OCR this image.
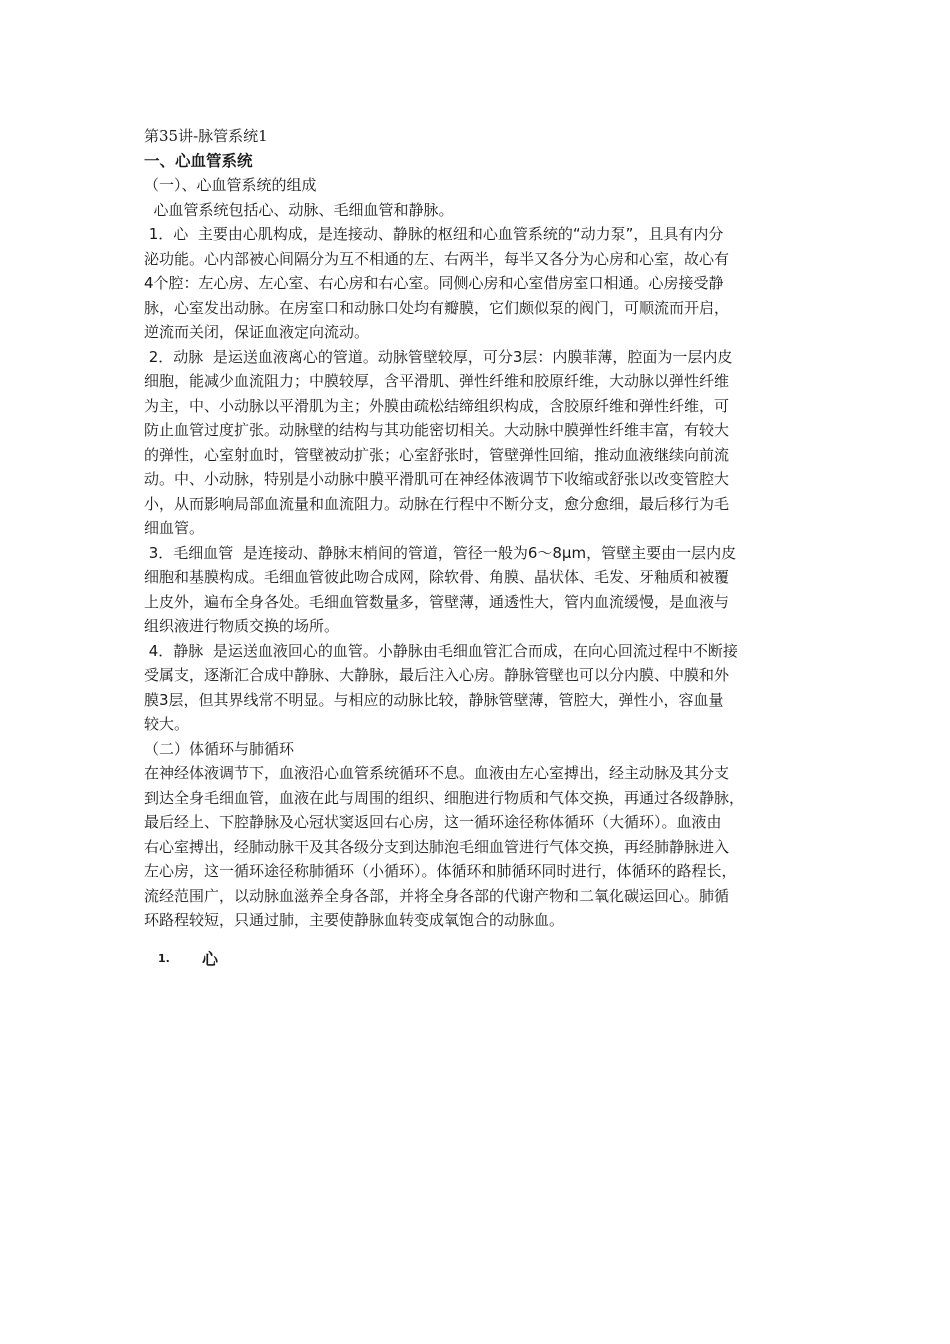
第35讲-脉管系统1
一、心血管系统
（一）、心血管系统的组成
心血管系统包括心、动脉、毛细血管和静脉。
1．心  主要由心肌构成，是连接动、静脉的枢纽和心血管系统的“动力泵”，且具有内分
泌功能。心内部被心间隔分为互不相通的左、右两半，每半又各分为心房和心室，故心有
4个腔：左心房、左心室、右心房和右心室。同侧心房和心室借房室口相通。心房接受静
脉，心室发出动脉。在房室口和动脉口处均有瓣膜，它们颇似泵的阀门，可顺流而开启，
逆流而关闭，保证血液定向流动。
2．动脉  是运送血液离心的管道。动脉管壁较厚，可分3层：内膜菲薄，腔面为一层内皮
细胞，能减少血流阻力；中膜较厚，含平滑肌、弹性纤维和胶原纤维，大动脉以弹性纤维
为主，中、小动脉以平滑肌为主；外膜由疏松结缔组织构成，含胶原纤维和弹性纤维，可
防止血管过度扩张。动脉壁的结构与其功能密切相关。大动脉中膜弹性纤维丰富，有较大
的弹性，心室射血时，管壁被动扩张；心室舒张时，管壁弹性回缩，推动血液继续向前流
动。中、小动脉，特别是小动脉中膜平滑肌可在神经体液调节下收缩或舒张以改变管腔大
小，从而影响局部血流量和血流阻力。动脉在行程中不断分支，愈分愈细，最后移行为毛
细血管。
3．毛细血管  是连接动、静脉末梢间的管道，管径一般为6～8μm，管壁主要由一层内皮
细胞和基膜构成。毛细血管彼此吻合成网，除软骨、角膜、晶状体、毛发、牙釉质和被覆
上皮外，遍布全身各处。毛细血管数量多，管壁薄，通透性大，管内血流缓慢，是血液与
组织液进行物质交换的场所。
4．静脉  是运送血液回心的血管。小静脉由毛细血管汇合而成，在向心回流过程中不断接
受属支，逐渐汇合成中静脉、大静脉，最后注入心房。静脉管壁也可以分内膜、中膜和外
膜3层，但其界线常不明显。与相应的动脉比较，静脉管壁薄，管腔大，弹性小，容血量
较大。
（二）体循环与肺循环
在神经体液调节下，血液沿心血管系统循环不息。血液由左心室搏出，经主动脉及其分支
到达全身毛细血管，血液在此与周围的组织、细胞进行物质和气体交换，再通过各级静脉，
最后经上、下腔静脉及心冠状窦返回右心房，这一循环途径称体循环（大循环）。血液由
右心室搏出，经肺动脉干及其各级分支到达肺泡毛细血管进行气体交换，再经肺静脉进入
左心房，这一循环途径称肺循环（小循环）。体循环和肺循环同时进行，体循环的路程长，
流经范围广，以动脉血滋养全身各部，并将全身各部的代谢产物和二氧化碳运回心。肺循
环路程较短，只通过肺，主要使静脉血转变成氧饱合的动脉血。
1. 心
